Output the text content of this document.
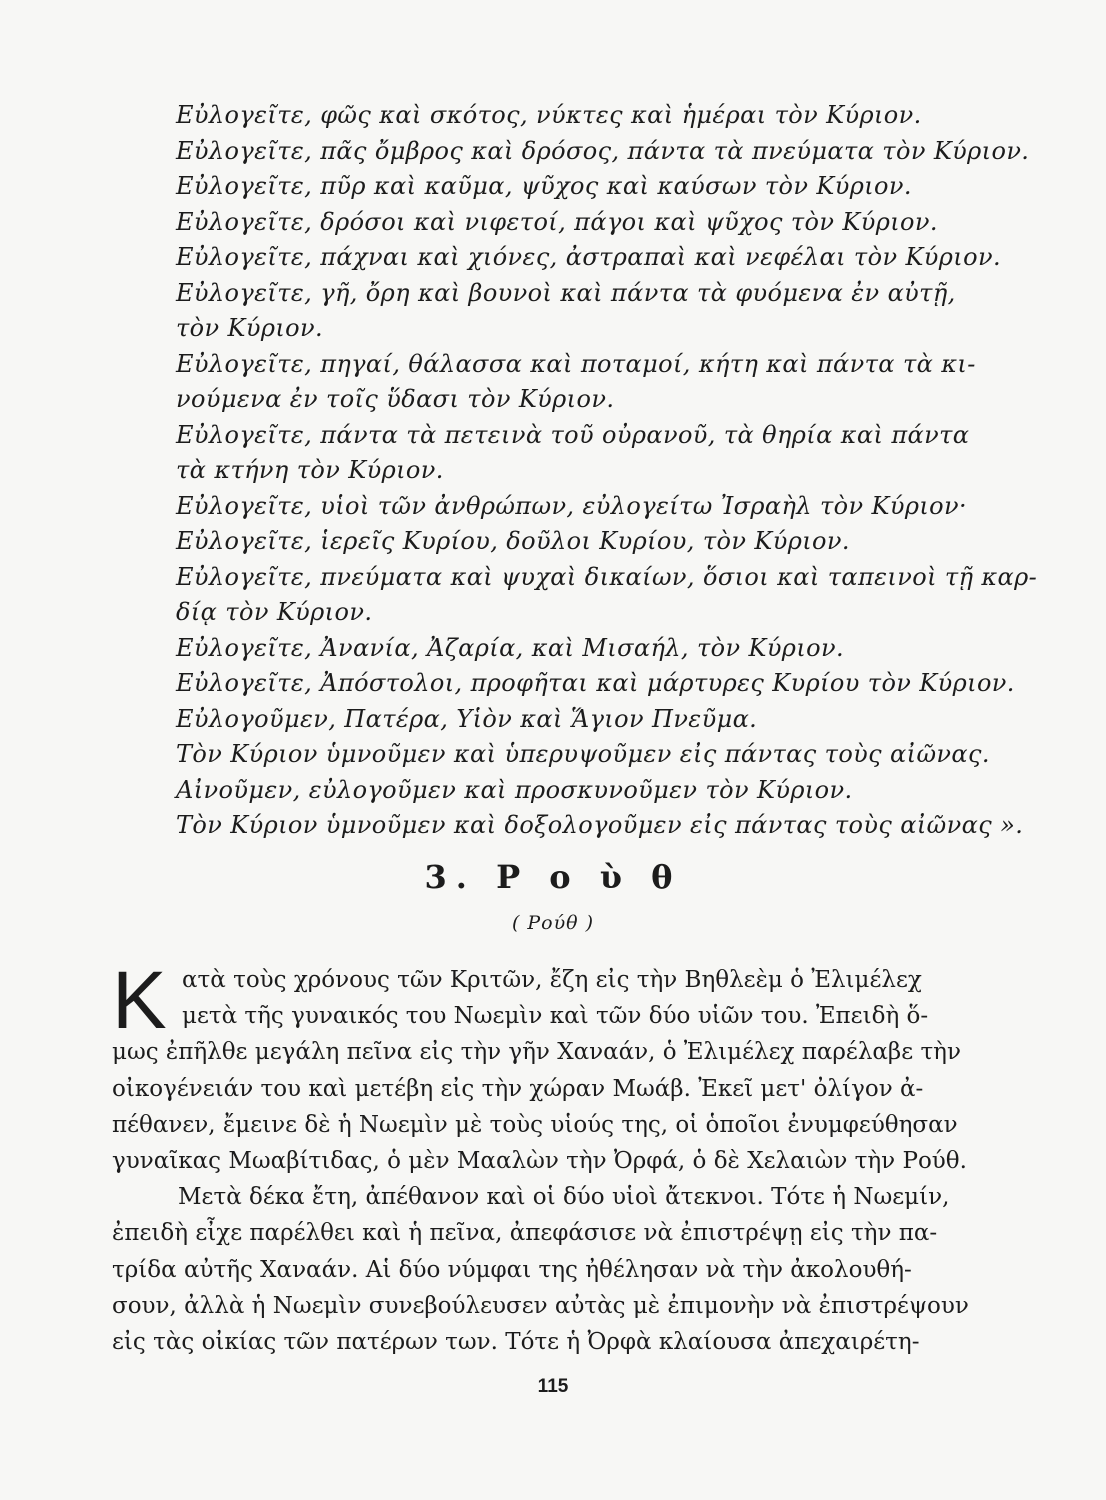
Εὐλογεῖτε, φῶς καὶ σκότος, νύκτες καὶ ἡμέραι τὸν Κύριον.
Εὐλογεῖτε, πᾶς ὄμβρος καὶ δρόσος, πάντα τὰ πνεύματα τὸν Κύριον.
Εὐλογεῖτε, πῦρ καὶ καῦμα, ψῦχος καὶ καύσων τὸν Κύριον.
Εὐλογεῖτε, δρόσοι καὶ νιφετοί, πάγοι καὶ ψῦχος τὸν Κύριον.
Εὐλογεῖτε, πάχναι καὶ χιόνες, ἀστραπαὶ καὶ νεφέλαι τὸν Κύριον.
Εὐλογεῖτε, γῆ, ὄρη καὶ βουνοὶ καὶ πάντα τὰ φυόμενα ἐν αὐτῇ,
τὸν Κύριον.
Εὐλογεῖτε, πηγαί, θάλασσα καὶ ποταμοί, κήτη καὶ πάντα τὰ κι-
νούμενα ἐν τοῖς ὕδασι τὸν Κύριον.
Εὐλογεῖτε, πάντα τὰ πετεινὰ τοῦ οὐρανοῦ, τὰ θηρία καὶ πάντα
τὰ κτήνη τὸν Κύριον.
Εὐλογεῖτε, υἱοὶ τῶν ἀνθρώπων, εὐλογείτω Ἰσραὴλ τὸν Κύριον·
Εὐλογεῖτε, ἱερεῖς Κυρίου, δοῦλοι Κυρίου, τὸν Κύριον.
Εὐλογεῖτε, πνεύματα καὶ ψυχαὶ δικαίων, ὅσιοι καὶ ταπεινοὶ τῇ καρ-
δίᾳ τὸν Κύριον.
Εὐλογεῖτε, Ἀνανία, Ἀζαρία, καὶ Μισαήλ, τὸν Κύριον.
Εὐλογεῖτε, Ἀπόστολοι, προφῆται καὶ μάρτυρες Κυρίου τὸν Κύριον.
Εὐλογοῦμεν, Πατέρα, Υἱὸν καὶ Ἅγιον Πνεῦμα.
Τὸν Κύριον ὑμνοῦμεν καὶ ὑπερυψοῦμεν εἰς πάντας τοὺς αἰῶνας.
Αἰνοῦμεν, εὐλογοῦμεν καὶ προσκυνοῦμεν τὸν Κύριον.
Τὸν Κύριον ὑμνοῦμεν καὶ δοξολογοῦμεν εἰς πάντας τοὺς αἰῶνας ».
3. Ρ ο ὺ θ
( Ρούθ )
Κ ατὰ τοὺς χρόνους τῶν Κριτῶν, ἔζη εἰς τὴν Βηθλεὲμ ὁ Ἐλιμέλεχ
μετὰ τῆς γυναικός του Νωεμὶν καὶ τῶν δύο υἱῶν του. Ἐπειδὴ ὅ-
μως ἐπῆλθε μεγάλη πεῖνα εἰς τὴν γῆν Χαναάν, ὁ Ἐλιμέλεχ παρέλαβε τὴν
οἰκογένειάν του καὶ μετέβη εἰς τὴν χώραν Μωάβ. Ἐκεῖ μετ' ὀλίγον ἀ-
πέθανεν, ἔμεινε δὲ ἡ Νωεμὶν μὲ τοὺς υἱούς της, οἱ ὁποῖοι ἐνυμφεύθησαν
γυναῖκας Μωαβίτιδας, ὁ μὲν Μααλὼν τὴν Ὀρφά, ὁ δὲ Χελαιὼν τὴν Ρούθ.
Μετὰ δέκα ἔτη, ἀπέθανον καὶ οἱ δύο υἱοὶ ἄτεκνοι. Τότε ἡ Νωεμίν,
ἐπειδὴ εἶχε παρέλθει καὶ ἡ πεῖνα, ἀπεφάσισε νὰ ἐπιστρέψῃ εἰς τὴν πα-
τρίδα αὐτῆς Χαναάν. Αἱ δύο νύμφαι της ἠθέλησαν νὰ τὴν ἀκολουθή-
σουν, ἀλλὰ ἡ Νωεμὶν συνεβούλευσεν αὐτὰς μὲ ἐπιμονὴν νὰ ἐπιστρέψουν
εἰς τὰς οἰκίας τῶν πατέρων των. Τότε ἡ Ὀρφὰ κλαίουσα ἀπεχαιρέτη-
115
